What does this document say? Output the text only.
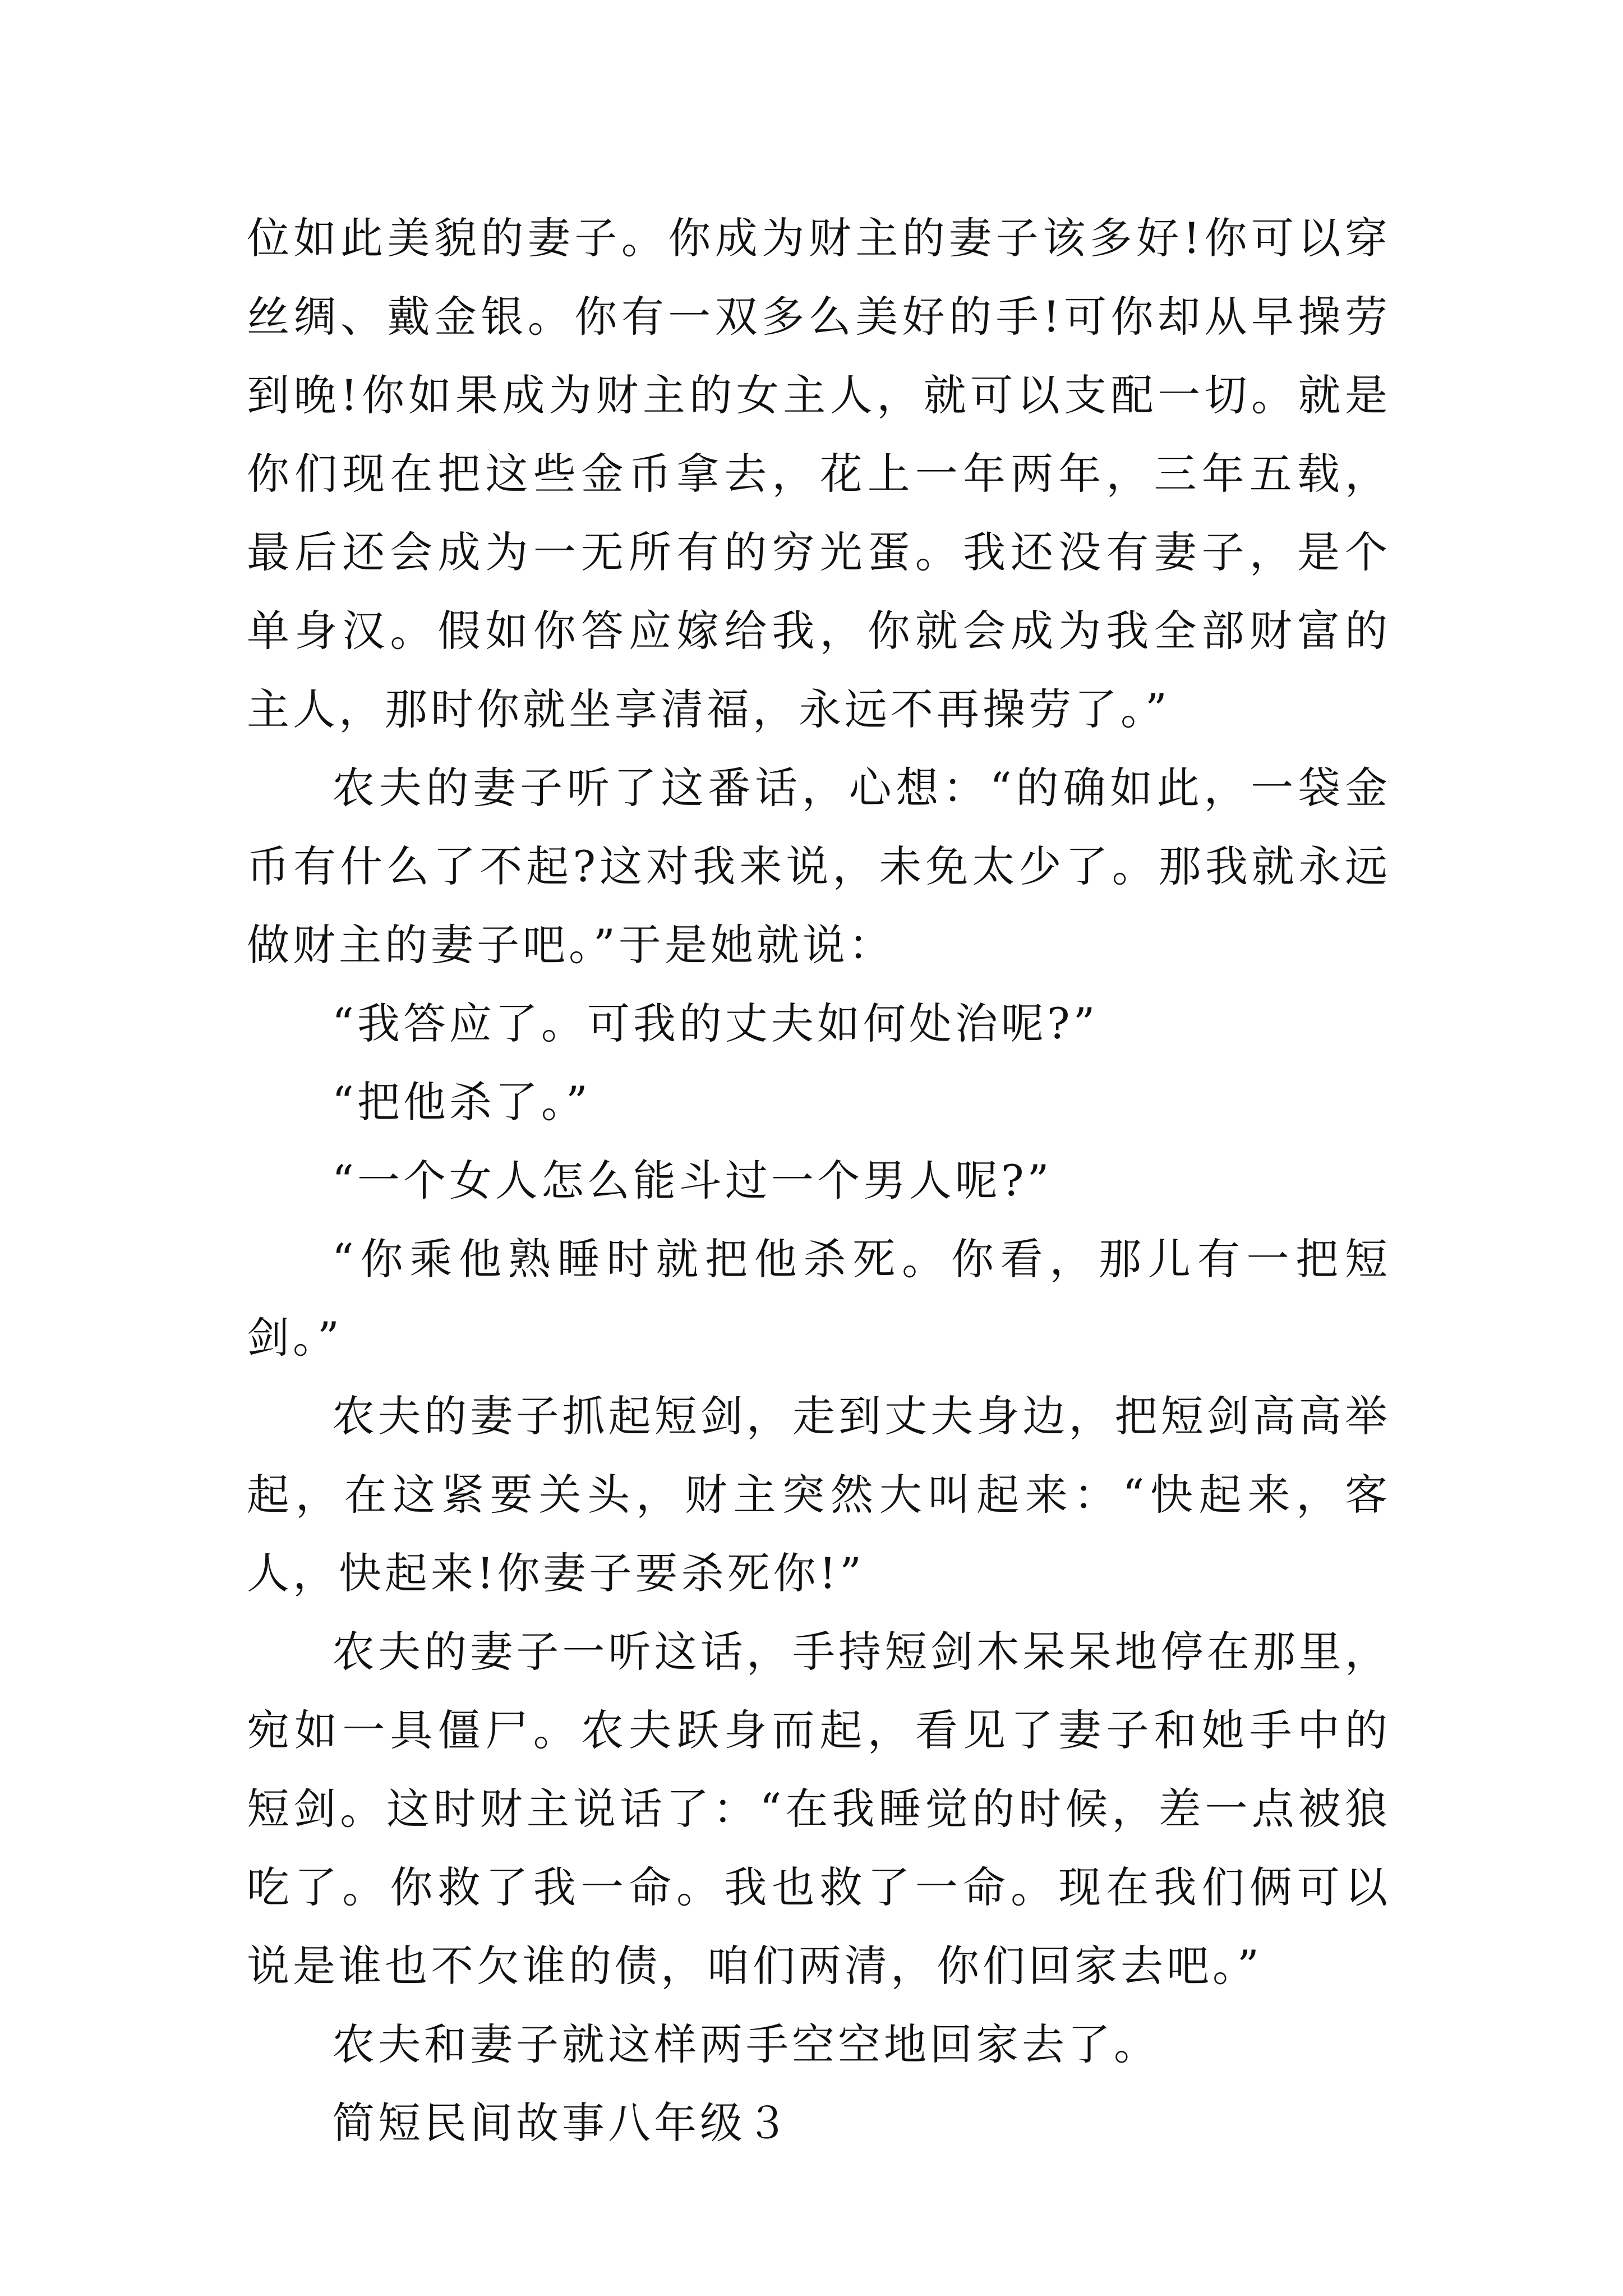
位如此美貌的妻子。你成为财主的妻子该多好!你可以穿丝绸、戴金银。你有一双多么美好的手!可你却从早操劳到晚!你如果成为财主的女主人，就可以支配一切。就是你们现在把这些金币拿去，花上一年两年，三年五载，最后还会成为一无所有的穷光蛋。我还没有妻子，是个单身汉。假如你答应嫁给我，你就会成为我全部财富的主人，那时你就坐享清福，永远不再操劳了。”

农夫的妻子听了这番话，心想：“的确如此，一袋金币有什么了不起?这对我来说，未免太少了。那我就永远做财主的妻子吧。”于是她就说：

“我答应了。可我的丈夫如何处治呢?”

“把他杀了。”

“一个女人怎么能斗过一个男人呢?”

“你乘他熟睡时就把他杀死。你看，那儿有一把短剑。”

农夫的妻子抓起短剑，走到丈夫身边，把短剑高高举起，在这紧要关头，财主突然大叫起来：“快起来，客人，快起来!你妻子要杀死你!”

农夫的妻子一听这话，手持短剑木呆呆地停在那里，宛如一具僵尸。农夫跃身而起，看见了妻子和她手中的短剑。这时财主说话了：“在我睡觉的时候，差一点被狼吃了。你救了我一命。我也救了一命。现在我们俩可以说是谁也不欠谁的债，咱们两清，你们回家去吧。”

农夫和妻子就这样两手空空地回家去了。

简短民间故事八年级３
